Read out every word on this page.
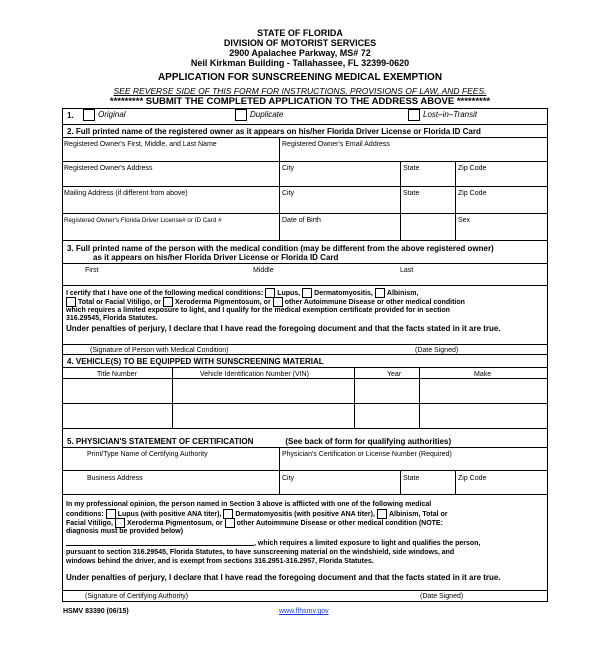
STATE OF FLORIDA
DIVISION OF MOTORIST SERVICES
2900 Apalachee Parkway, MS# 72
Neil Kirkman Building - Tallahassee, FL 32399-0620
APPLICATION FOR SUNSCREENING MEDICAL EXEMPTION
SEE REVERSE SIDE OF THIS FORM FOR INSTRUCTIONS, PROVISIONS OF LAW, AND FEES.
********* SUBMIT THE COMPLETED APPLICATION TO THE ADDRESS ABOVE *********
1.	Original	Duplicate	Lost–in–Transit
2. Full printed name of the registered owner as it appears on his/her Florida Driver License or Florida ID Card
Registered Owner's First, Middle, and Last Name	Registered Owner's Email Address
Registered Owner's Address	City	State	Zip Code
Mailing Address (if different from above)	City	State	Zip Code
Registered Owner's Florida Driver License# or ID Card #	Date of Birth	Sex
3. Full printed name of the person with the medical condition (may be different from the above registered owner)
as it appears on his/her Florida Driver License or Florida ID Card
First	Middle	Last
I certify that I have one of the following medical conditions: Lupus, Dermatomyositis, Albinism,
Total or Facial Vitiligo, or Xeroderma Pigmentosum, or other Autoimmune Disease or other medical condition
which requires a limited exposure to light, and I qualify for the medical exemption certificate provided for in section
316.29545, Florida Statutes.
Under penalties of perjury, I declare that I have read the foregoing document and that the facts stated in it are true.
(Signature of Person with Medical Condition)	(Date Signed)
4. VEHICLE(S) TO BE EQUIPPED WITH SUNSCREENING MATERIAL
Title Number	Vehicle Identification Number (VIN)	Year	Make
5. PHYSICIAN'S STATEMENT OF CERTIFICATION	(See back of form for qualifying authorities)
Print/Type Name of Certifying Authority	Physician's Certification or License Number (Required)
Business Address	City	State	Zip Code
In my professional opinion, the person named in Section 3 above is afflicted with one of the following medical
conditions: Lupus (with positive ANA titer), Dermatomyositis (with positive ANA titer), Albinism, Total or
Facial Vitiligo, Xeroderma Pigmentosum, or other Autoimmune Disease or other medical condition (NOTE:
diagnosis must be provided below)
, which requires a limited exposure to light and qualifies the person,
pursuant to section 316.29545, Florida Statutes, to have sunscreening material on the windshield, side windows, and
windows behind the driver, and is exempt from sections 316.2951-316.2957, Florida Statutes.
Under penalties of perjury, I declare that I have read the foregoing document and that the facts stated in it are true.
(Signature of Certifying Authority)	(Date Signed)
HSMV 83390 (06/15)	www.flhsmv.gov
